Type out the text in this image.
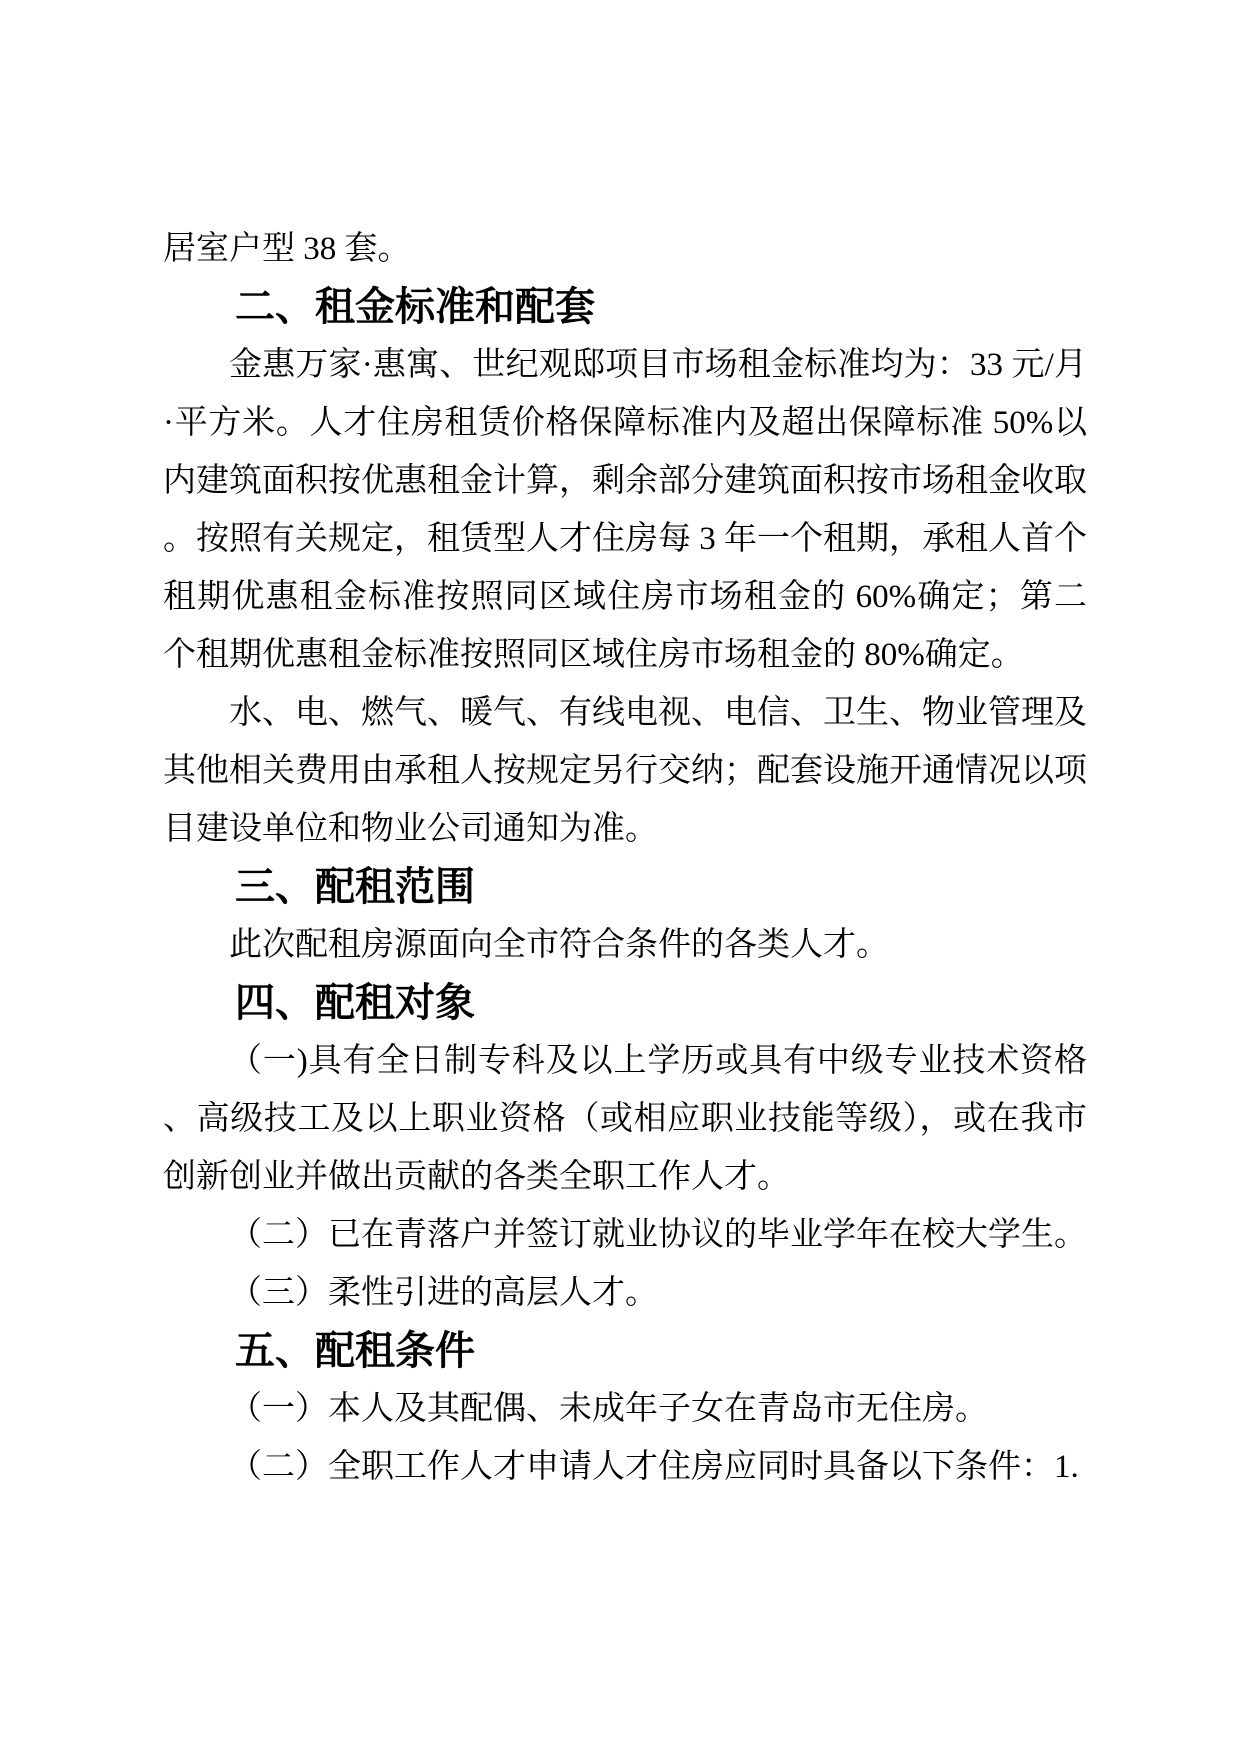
居室户型 38 套。

二、租金标准和配套

金惠万家·惠寓、世纪观邸项目市场租金标准均为：33 元/月·平方米。人才住房租赁价格保障标准内及超出保障标准 50%以内建筑面积按优惠租金计算，剩余部分建筑面积按市场租金收取。按照有关规定，租赁型人才住房每 3 年一个租期，承租人首个租期优惠租金标准按照同区域住房市场租金的 60%确定；第二个租期优惠租金标准按照同区域住房市场租金的 80%确定。

水、电、燃气、暖气、有线电视、电信、卫生、物业管理及其他相关费用由承租人按规定另行交纳；配套设施开通情况以项目建设单位和物业公司通知为准。

三、配租范围

此次配租房源面向全市符合条件的各类人才。

四、配租对象

（一)具有全日制专科及以上学历或具有中级专业技术资格、高级技工及以上职业资格（或相应职业技能等级），或在我市创新创业并做出贡献的各类全职工作人才。

（二）已在青落户并签订就业协议的毕业学年在校大学生。

（三）柔性引进的高层人才。

五、配租条件

（一）本人及其配偶、未成年子女在青岛市无住房。

（二）全职工作人才申请人才住房应同时具备以下条件：1.
